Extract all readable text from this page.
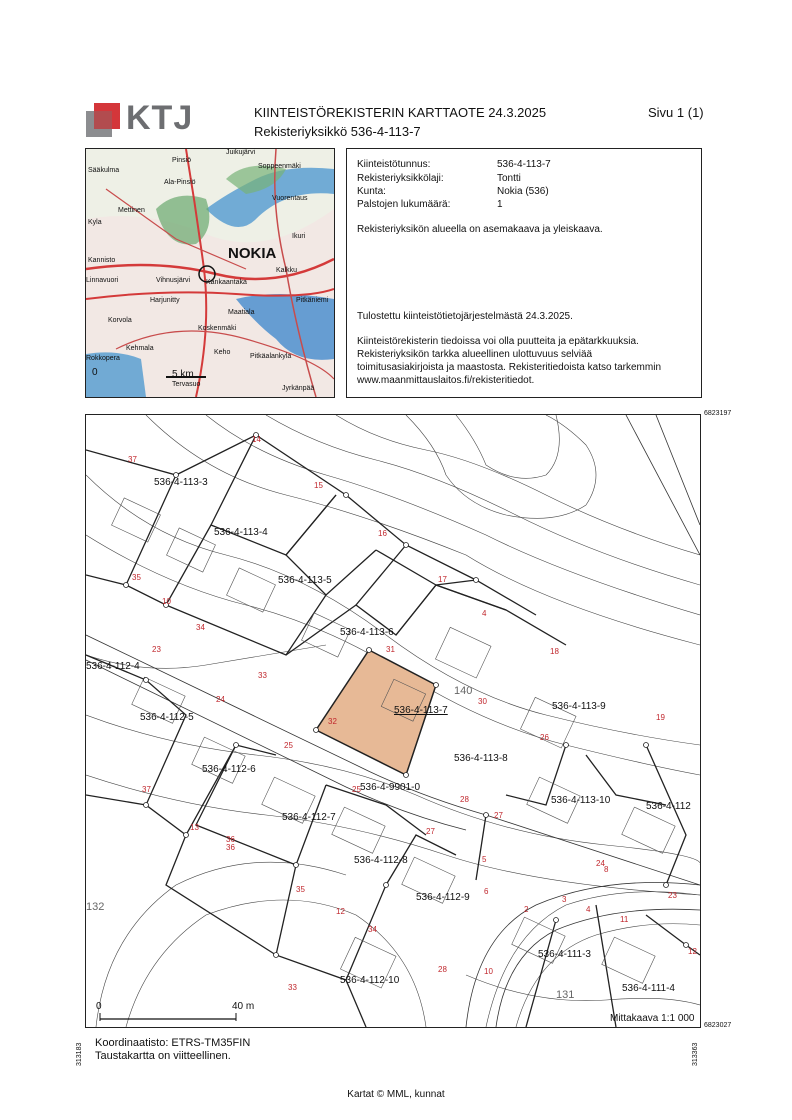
KTJ	KIINTEISTÖREKISTERIN KARTTAOTE 24.3.2025
Rekisteriyksikkö 536-4-113-7
Sivu 1 (1)
NOKIA
Juikujärvi
Pinsiö
Sääkulma
Ala-Pinsiö
Soppeenmäki
Mettinen
Vuorentaus
Kyla
Ikuri
Kannisto
Kalkku
Linnavuori	Vihnusjärvi Kankaantaka
Harjunitty	Pitkäniemi
Maatiala
Korvola
Koskenmäki
Kehmala
Keho
Pitkäalankyla
Rokkopera
Tervasuo
Jyrkänpää
0	5 km
Kiinteistötunnus:	536-4-113-7
Rekisteriyksikkölaji:	Tontti
Kunta:	Nokia (536)
Palstojen lukumäärä:	1
Rekisteriyksikön alueella on asemakaava ja yleiskaava.
Tulostettu kiinteistötietojärjestelmästä 24.3.2025.
Kiinteistörekisterin tiedoissa voi olla puutteita ja epätarkkuuksia.
Rekisteriyksikön tarkka alueellinen ulottuvuus selviää
toimitusasiakirjoista ja maastosta. Rekisteritiedoista katso tarkemmin
www.maanmittauslaitos.fi/rekisteritiedot.
6823197
6823027
313183	313363
536-4-113-3
536-4-113-4
536-4-113-5
536-4-113-6
536-4-113-7
536-4-113-8
536-4-113-9
536-4-113-10
536-4-112
536-4-112-4
536-4-112-5
536-4-112-6
536-4-112-7
536-4-112-8
536-4-112-9
536-4-112-10
536-4-9901-0
536-4-111-3
536-4-111-4
14
37
15
16
35
10
34
17
4
23	31	18
140
24
33
32
30
19
25
36
26
37	25
28
27
13
27
36
5	24
8
35
12
34
6
2
3
4
23
11
28	10
12
33
131
132
0	40 m
Mittakaava 1:1 000
Koordinaatisto: ETRS-TM35FIN
Taustakartta on viitteellinen.
Kartat © MML, kunnat
